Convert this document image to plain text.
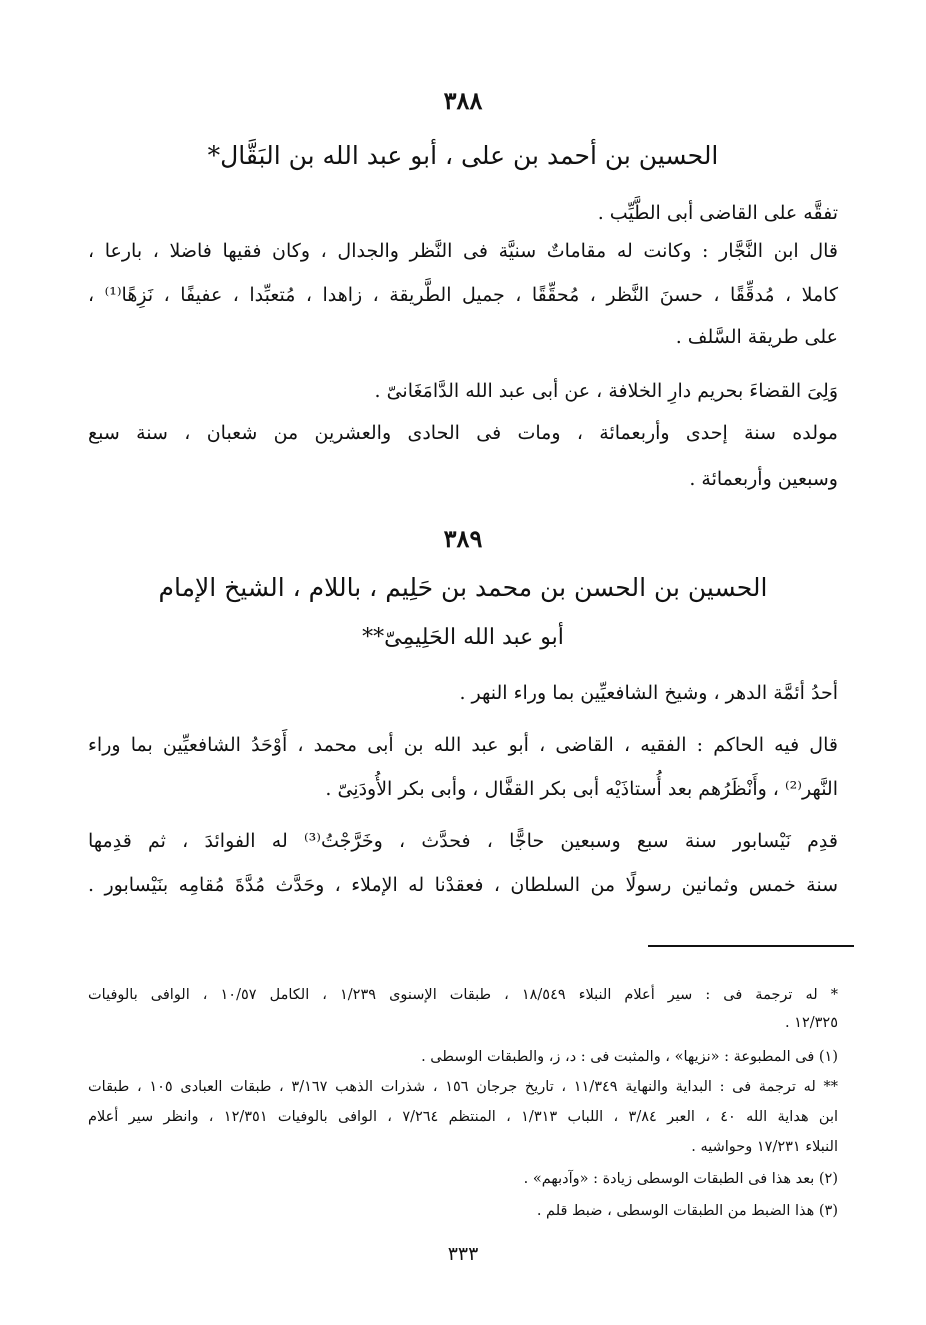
٣٨٨
الحسين بن أحمد بن على ، أبو عبد الله بن البَقَّال*
تفقَّه على القاضى أبى الطَّيِّب .
قال ابن النَّجَّار : وكانت له مقاماتٌ سنيَّة فى النَّظر والجدال ، وكان فقيها فاضلا ، بارعا ،
كاملا ، مُدقِّقًا ، حسنَ النَّظر ، مُحقِّقًا ، جميل الطَّريقة ، زاهدا ، مُتعبِّدا ، عفيفًا ، نَزِهًا⁽¹⁾ ،
على طريقة السَّلف .
وَلِىَ القضاءَ بحريم دارِ الخلافة ، عن أبى عبد الله الدَّامَغَانىّ .
مولده سنة إحدى وأربعمائة ، ومات فى الحادى والعشرين من شعبان ، سنة سبع
وسبعين وأربعمائة .
٣٨٩
الحسين بن الحسن بن محمد بن حَلِيم ، باللام ، الشيخ الإمام
أبو عبد الله الحَلِيمِىّ**
أحدُ أئمَّة الدهر ، وشيخ الشافعيِّين بما وراء النهر .
قال فيه الحاكم : الفقيه ، القاضى ، أبو عبد الله بن أبى محمد ، أَوْحَدُ الشافعيِّين بما وراء
النَّهر⁽²⁾ ، وأَنْظَرُهم بعد أُستاذَيْه أبى بكر القفَّال ، وأبى بكر الأُودَنِىّ .
قدِم نَيْسابور سنة سبع وسبعين حاجًّا ، فحدَّث ، وخَرَّجْتُ⁽³⁾ له الفوائدَ ، ثم قدِمها
سنة خمس وثمانين رسولًا من السلطان ، فعقدْنا له الإملاء ، وحَدَّث مُدَّةَ مُقامِه بنَيْسابور .
* له ترجمة فى : سير أعلام النبلاء ١٨/٥٤٩ ، طبقات الإسنوى ١/٢٣٩ ، الكامل ١٠/٥٧ ، الوافى بالوفيات
١٢/٣٢٥ .
(١) فى المطبوعة : «نزيها» ، والمثبت فى : د، ز، والطبقات الوسطى .
** له ترجمة فى : البداية والنهاية ١١/٣٤٩ ، تاريخ جرجان ١٥٦ ، شذرات الذهب ٣/١٦٧ ، طبقات العبادى ١٠٥ ، طبقات
ابن هداية الله ٤٠ ، العبر ٣/٨٤ ، اللباب ١/٣١٣ ، المنتظم ٧/٢٦٤ ، الوافى بالوفيات ١٢/٣٥١ ، وانظر سير أعلام
النبلاء ١٧/٢٣١ وحواشيه .
(٢) بعد هذا فى الطبقات الوسطى زيادة : «وآدبهم» .
(٣) هذا الضبط من الطبقات الوسطى ، ضبط قلم .
٣٣٣
